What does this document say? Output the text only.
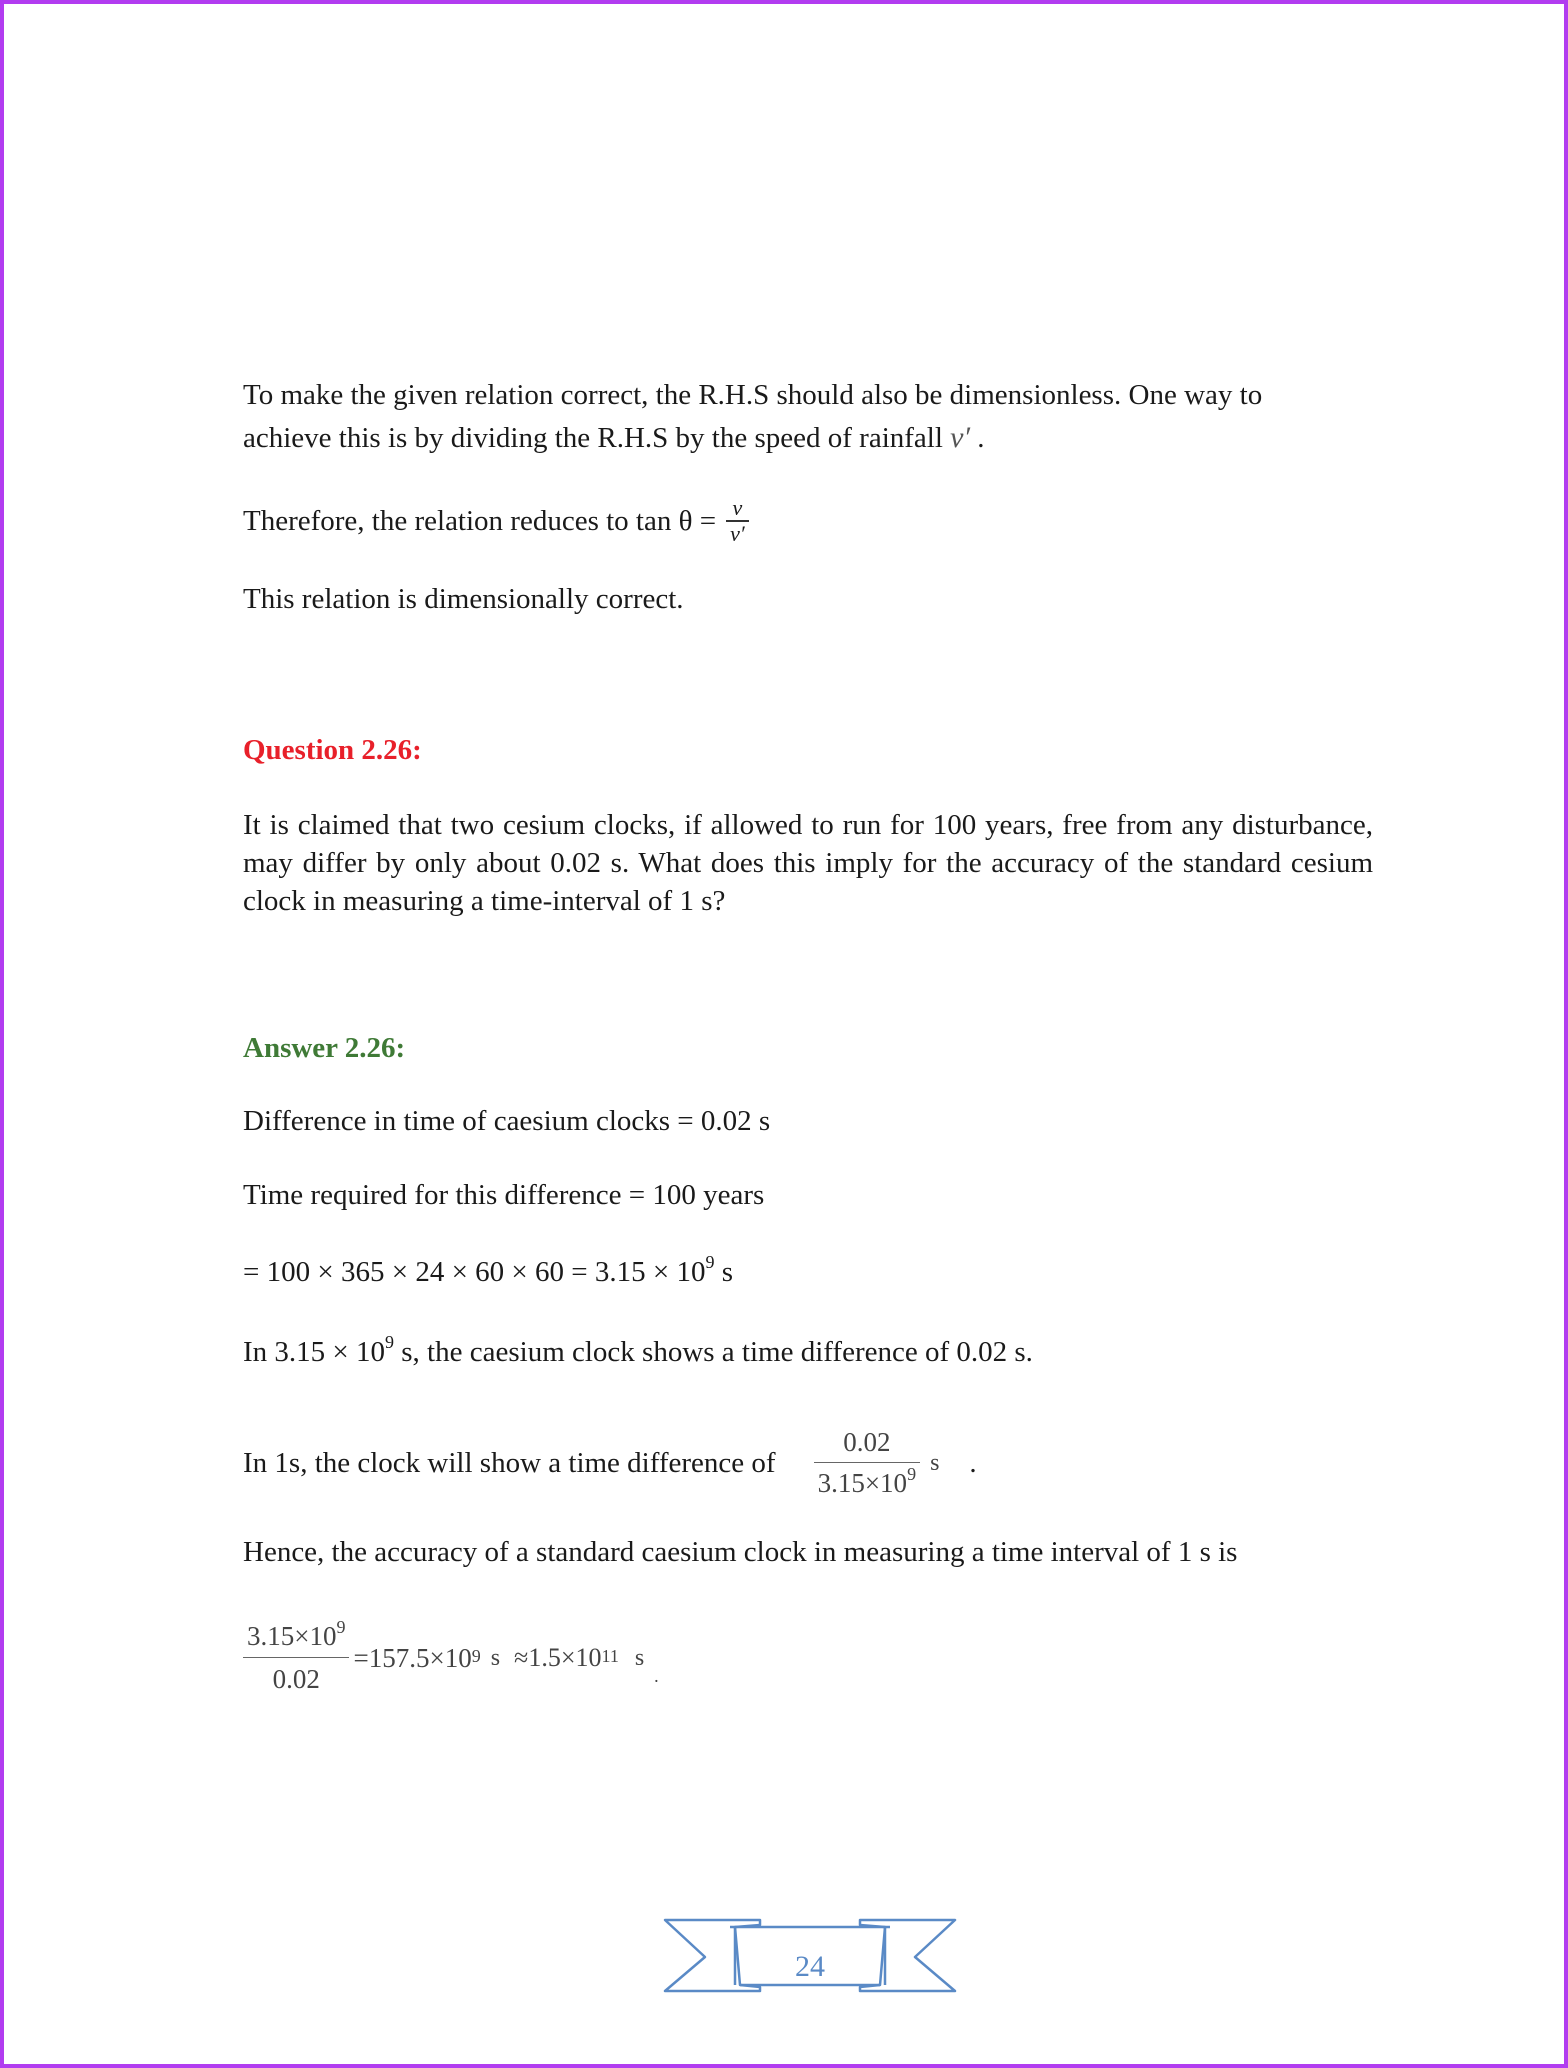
To make the given relation correct, the R.H.S should also be dimensionless. One way to
achieve this is by dividing the R.H.S by the speed of rainfall v′ .
Therefore, the relation reduces to $\tan \theta = \frac{v}{v'}$
This relation is dimensionally correct.
Question 2.26:
It is claimed that two cesium clocks, if allowed to run for 100 years, free from any disturbance, may differ by only about 0.02 s. What does this imply for the accuracy of the standard cesium clock in measuring a time-interval of 1 s?
Answer 2.26:
Difference in time of caesium clocks = 0.02 s
Time required for this difference = 100 years
= $100 \times 365 \times 24 \times 60 \times 60 = 3.15 \times 10^9$ s
In $3.15 \times 10^9$ s, the caesium clock shows a time difference of 0.02 s.
In 1s, the clock will show a time difference of $\frac{0.02}{3.15\times 10^9}$ s .
Hence, the accuracy of a standard caesium clock in measuring a time interval of 1 s is
$\frac{3.15\times 10^9}{0.02} =157.5\times 10^9$ $s \approx 1.5\times 10^{11}$ s
.
24
